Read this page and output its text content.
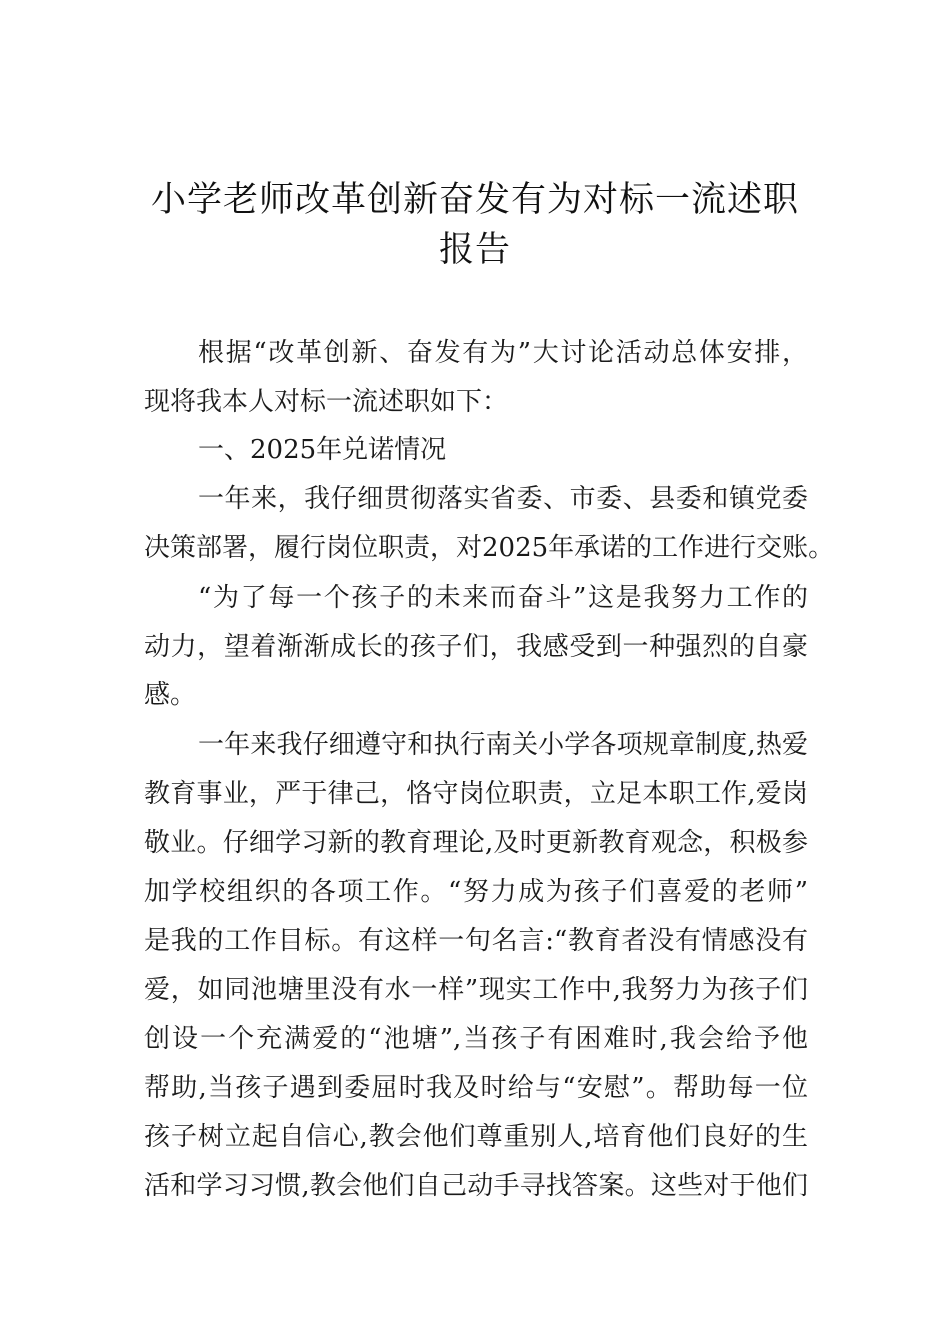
小学老师改革创新奋发有为对标一流述职
报告
根据“改革创新、奋发有为”大讨论活动总体安排，
现将我本人对标一流述职如下：
一、2025年兑诺情况
一年来，我仔细贯彻落实省委、市委、县委和镇党委
决策部署，履行岗位职责，对2025年承诺的工作进行交账。
“为了每一个孩子的未来而奋斗”这是我努力工作的
动力，望着渐渐成长的孩子们，我感受到一种强烈的自豪
感。
一年来我仔细遵守和执行南关小学各项规章制度,热爱
教育事业，严于律己，恪守岗位职责，立足本职工作,爱岗
敬业。仔细学习新的教育理论,及时更新教育观念，积极参
加学校组织的各项工作。“努力成为孩子们喜爱的老师”
是我的工作目标。有这样一句名言:“教育者没有情感没有
爱，如同池塘里没有水一样”现实工作中,我努力为孩子们
创设一个充满爱的“池塘”,当孩子有困难时,我会给予他
帮助,当孩子遇到委屈时我及时给与“安慰”。帮助每一位
孩子树立起自信心,教会他们尊重别人,培育他们良好的生
活和学习习惯,教会他们自己动手寻找答案。这些对于他们
